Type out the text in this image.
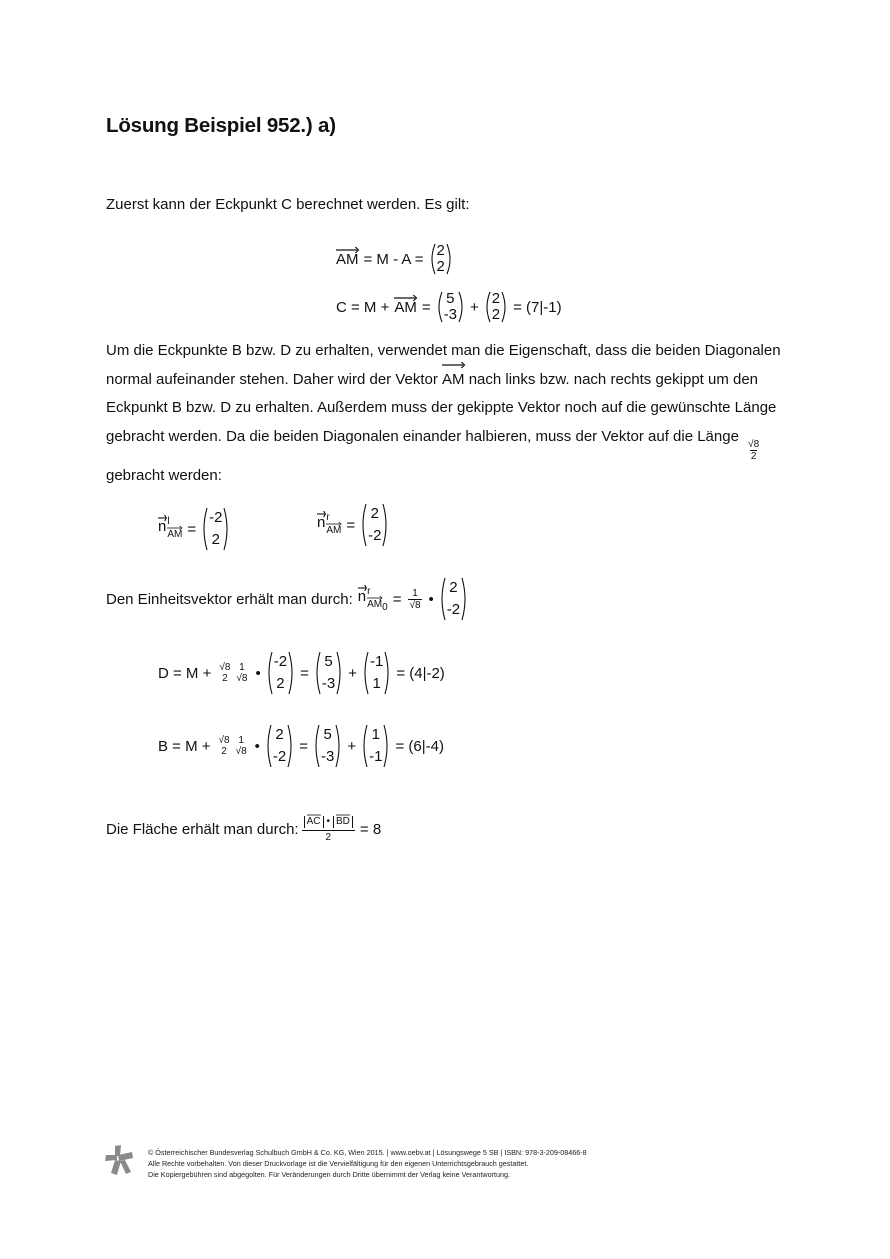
Lösung Beispiel 952.) a)
Zuerst kann der Eckpunkt C berechnet werden. Es gilt:
AM = M - A = 2
2
C = M + AM = 5
-3 + 2
2 = (7|-1)
Um die Eckpunkte B bzw. D zu erhalten, verwendet man die Eigenschaft, dass die beiden Diagonalen normal aufeinander stehen. Daher wird der Vektor AM
nach links bzw. nach rechts gekippt um den Eckpunkt B bzw. D zu erhalten. Außerdem muss der gekippte Vektor noch auf die gewünschte Länge gebracht werden. Da die beiden Diagonalen einander halbieren, muss der Vektor auf die Länge
$\frac{√8}{2}$

gebracht werden:
n l
AM =
-2
2
n r
AM =
2
-2
Den Einheitsvektor erhält man durch: n r
AM
$0 = \frac{1}{√8}$ •
2
-2
D = M + √8
2
1
√8 •
-2
2
=
5
-3
+
-1
1
= (4|-2)
B = M + √8
2
1
√8 •
2
-2
=
5
-3
+
1
-1
= (6|-4)
Die Fläche erhält man durch: AC • BD
2	= 8
© Österreichischer Bundesverlag Schulbuch GmbH & Co. KG, Wien 2015. | www.oebv.at | Lösungswege 5 SB | ISBN: 978-3-209-08466-8
Alle Rechte vorbehalten. Von dieser Druckvorlage ist die Vervielfältigung für den eigenen Unterrichtsgebrauch gestattet.
Die Kopiergebühren sind abgegolten. Für Veränderungen durch Dritte übernimmt der Verlag keine Verantwortung.
